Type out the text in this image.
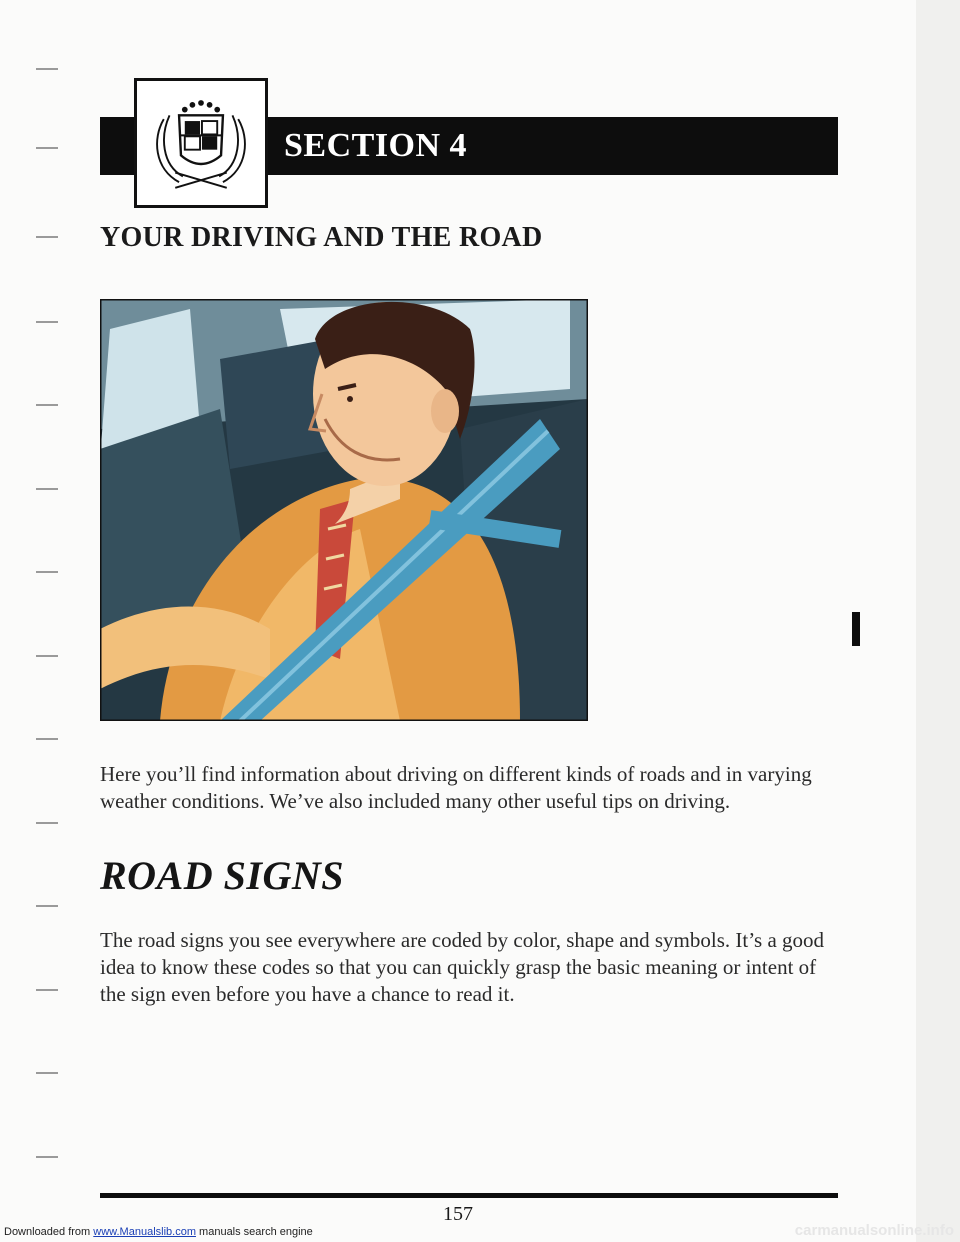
SECTION 4
YOUR DRIVING AND THE ROAD

Here you’ll find information about driving on different kinds of roads and in varying weather conditions. We’ve also included many other useful tips on driving.

ROAD SIGNS

The road signs you see everywhere are coded by color, shape and symbols. It’s a good idea to know these codes so that you can quickly grasp the basic meaning or intent of the sign even before you have a chance to read it.

157
Downloaded from www.Manualslib.com manuals search engine	carmanualsonline.info
